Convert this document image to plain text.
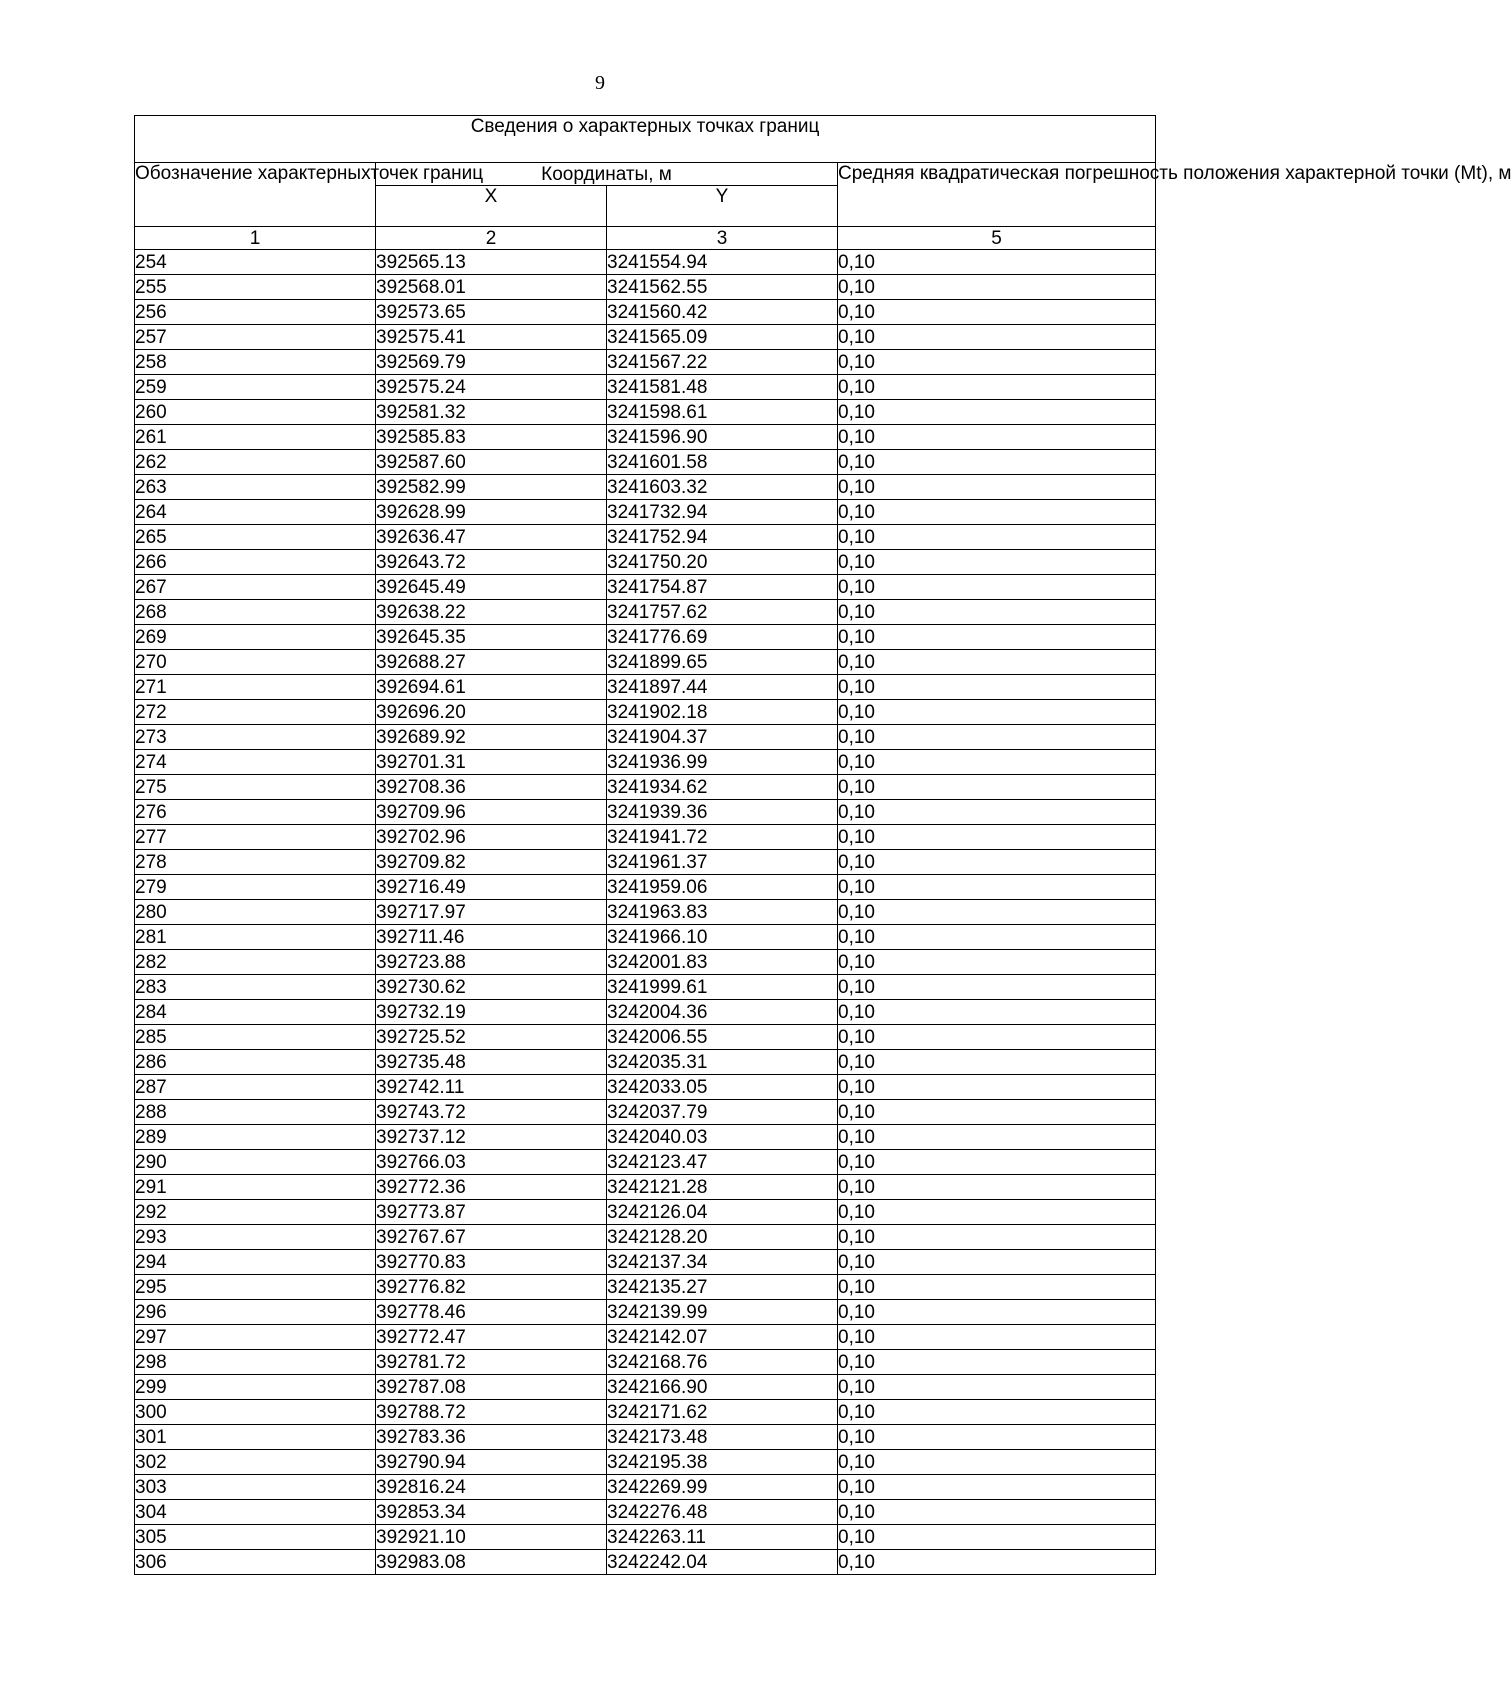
9
Сведения о характерных точках границ			
Обозначение характерныхточек границ	Координаты, м		Средняя квадратическая погрешность положения характерной точки (Mt), м
	X	Y	
1	2	3	5
254	392565.13	3241554.94	0,10
255	392568.01	3241562.55	0,10
256	392573.65	3241560.42	0,10
257	392575.41	3241565.09	0,10
258	392569.79	3241567.22	0,10
259	392575.24	3241581.48	0,10
260	392581.32	3241598.61	0,10
261	392585.83	3241596.90	0,10
262	392587.60	3241601.58	0,10
263	392582.99	3241603.32	0,10
264	392628.99	3241732.94	0,10
265	392636.47	3241752.94	0,10
266	392643.72	3241750.20	0,10
267	392645.49	3241754.87	0,10
268	392638.22	3241757.62	0,10
269	392645.35	3241776.69	0,10
270	392688.27	3241899.65	0,10
271	392694.61	3241897.44	0,10
272	392696.20	3241902.18	0,10
273	392689.92	3241904.37	0,10
274	392701.31	3241936.99	0,10
275	392708.36	3241934.62	0,10
276	392709.96	3241939.36	0,10
277	392702.96	3241941.72	0,10
278	392709.82	3241961.37	0,10
279	392716.49	3241959.06	0,10
280	392717.97	3241963.83	0,10
281	392711.46	3241966.10	0,10
282	392723.88	3242001.83	0,10
283	392730.62	3241999.61	0,10
284	392732.19	3242004.36	0,10
285	392725.52	3242006.55	0,10
286	392735.48	3242035.31	0,10
287	392742.11	3242033.05	0,10
288	392743.72	3242037.79	0,10
289	392737.12	3242040.03	0,10
290	392766.03	3242123.47	0,10
291	392772.36	3242121.28	0,10
292	392773.87	3242126.04	0,10
293	392767.67	3242128.20	0,10
294	392770.83	3242137.34	0,10
295	392776.82	3242135.27	0,10
296	392778.46	3242139.99	0,10
297	392772.47	3242142.07	0,10
298	392781.72	3242168.76	0,10
299	392787.08	3242166.90	0,10
300	392788.72	3242171.62	0,10
301	392783.36	3242173.48	0,10
302	392790.94	3242195.38	0,10
303	392816.24	3242269.99	0,10
304	392853.34	3242276.48	0,10
305	392921.10	3242263.11	0,10
306	392983.08	3242242.04	0,10
